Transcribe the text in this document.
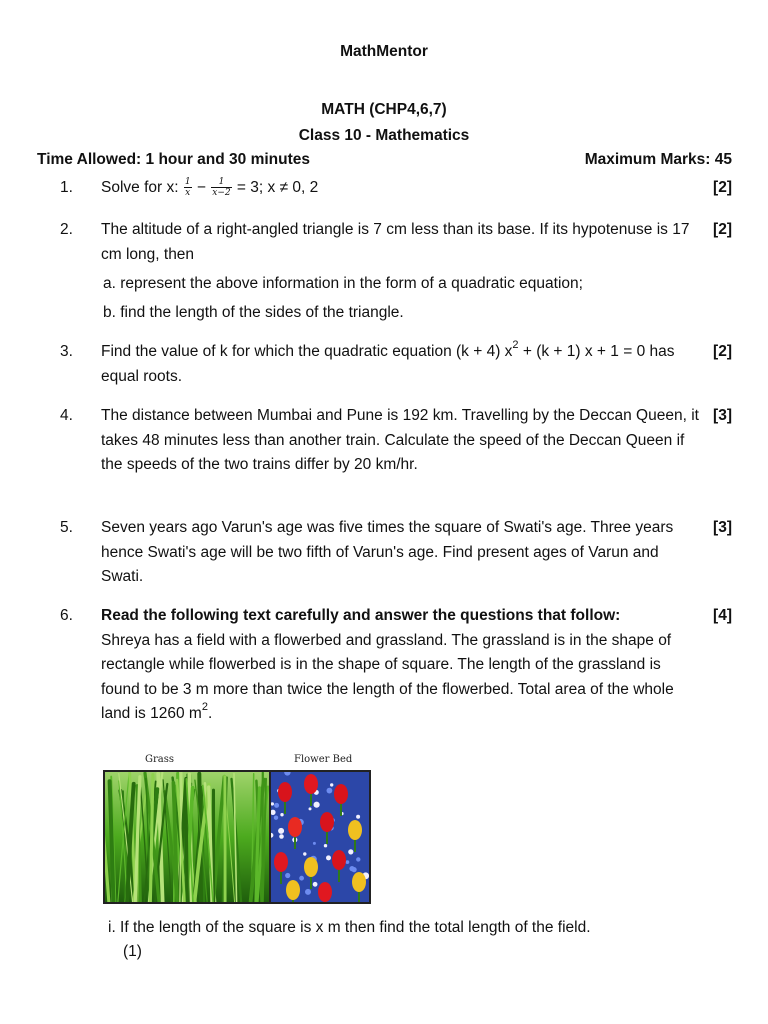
MathMentor
MATH (CHP4,6,7)
Class 10 - Mathematics
Time Allowed: 1 hour and 30 minutes	Maximum Marks: 45
1.	Solve for x: $\frac{1}{x} - \frac{1}{x-2} = 3$; x ≠ 0, 2	[2]
2.	The altitude of a right-angled triangle is 7 cm less than its base. If its hypotenuse is 17 cm long, then
[2]
a. represent the above information in the form of a quadratic equation;
b. find the length of the sides of the triangle.
3.	Find the value of k for which the quadratic equation (k + 4) $x^2 + (k + 1) x + 1 = 0$ has equal roots.
[2]
4.	The distance between Mumbai and Pune is 192 km. Travelling by the Deccan Queen, it takes 48 minutes less than another train. Calculate the speed of the Deccan Queen if the speeds of the two trains differ by 20 km/hr.
[3]
5.	Seven years ago Varun's age was five times the square of Swati's age. Three years hence Swati's age will be two fifth of Varun's age. Find present ages of Varun and Swati.
[3]
6.	Read the following text carefully and answer the questions that follow:
Shreya has a field with a flowerbed and grassland. The grassland is in the shape of rectangle while flowerbed is in the shape of square. The length of the grassland is found to be 3 m more than twice the length of the flowerbed. Total area of the whole land is 1260 $m^2$.
[4]
Grass	Flower Bed
i. If the length of the square is x m then find the total length of the field.
(1)
